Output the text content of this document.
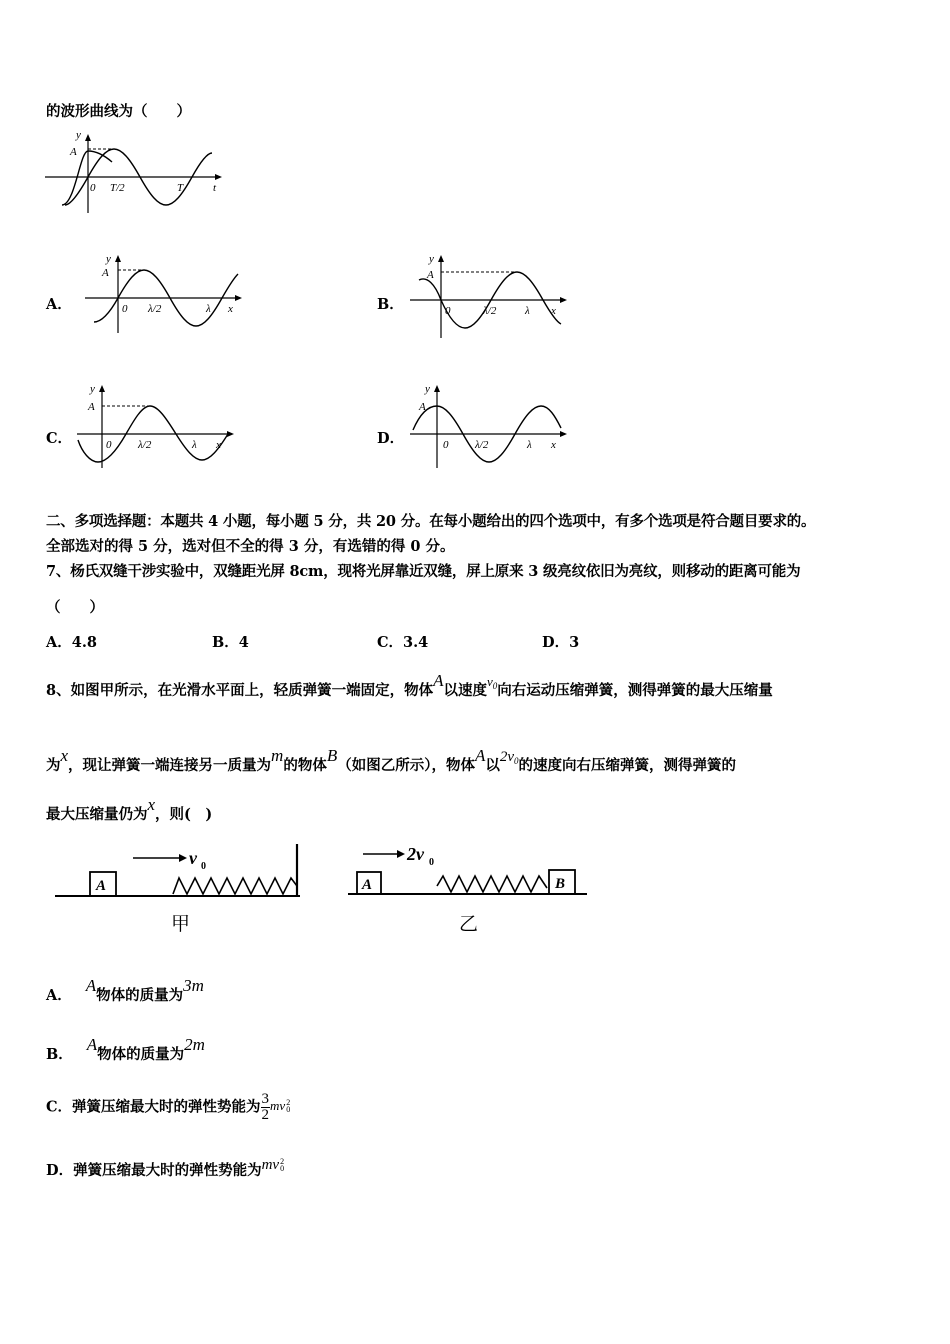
的波形曲线为（　　）
y
A
0 T/2	T	t
A．
y
A
0 λ/2	λ x	B．
y
A
0	λ/2	λ x
C．
y
A
0 λ/2	λ x	D．
y
A
0 λ/2	λ x
二、多项选择题：本题共 4 小题，每小题 5 分，共 20 分。在每小题给出的四个选项中，有多个选项是符合题目要求的。
全部选对的得 5 分，选对但不全的得 3 分，有选错的得 0 分。
7、杨氏双缝干涉实验中，双缝距光屏 8cm，现将光屏靠近双缝，屏上原来 3 级亮纹依旧为亮纹，则移动的距离可能为
（　　）
A．4.8	B．4	C．3.4	D．3
8、如图甲所示，在光滑水平面上，轻质弹簧一端固定，物体A以速度$v_0$向右运动压缩弹簧，测得弹簧的最大压缩量
为x，现让弹簧一端连接另一质量为m的物体B（如图乙所示），物体A以$2v_0$的速度向右压缩弹簧，测得弹簧的
最大压缩量仍为x，则(　)
A
v 0
甲
A
2v 0
B
乙
A．A物体的质量为3m
B．A物体的质量为2m
C．弹簧压缩最大时的弹性势能为 $\frac{3}{2}$ mv 2
0
D．弹簧压缩最大时的弹性势能为mv 2
0
